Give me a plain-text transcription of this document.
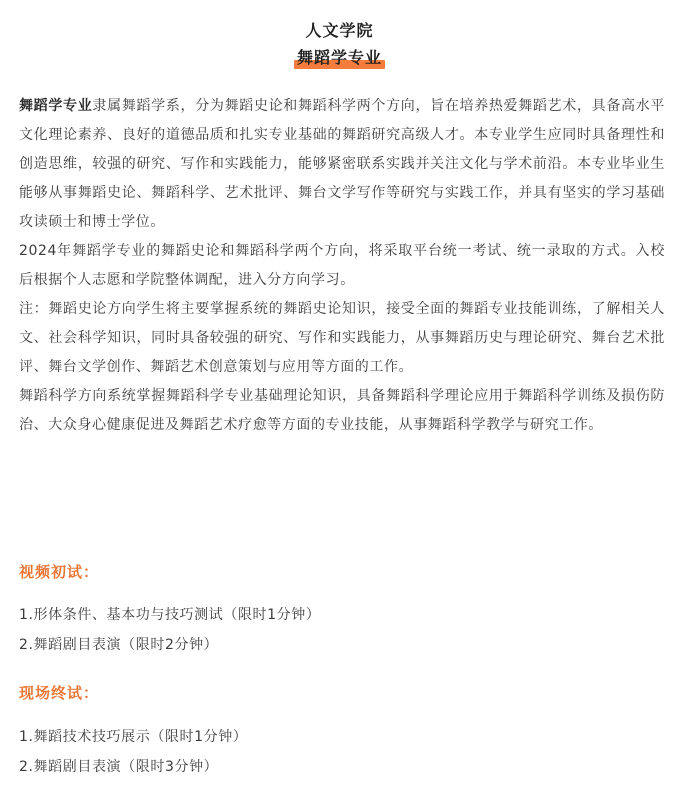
人文学院
舞蹈学专业

舞蹈学专业隶属舞蹈学系，分为舞蹈史论和舞蹈科学两个方向，旨在培养热爱舞蹈艺术，具备高水平文化理论素养、良好的道德品质和扎实专业基础的舞蹈研究高级人才。本专业学生应同时具备理性和创造思维，较强的研究、写作和实践能力，能够紧密联系实践并关注文化与学术前沿。本专业毕业生能够从事舞蹈史论、舞蹈科学、艺术批评、舞台文学写作等研究与实践工作，并具有坚实的学习基础攻读硕士和博士学位。

2024年舞蹈学专业的舞蹈史论和舞蹈科学两个方向，将采取平台统一考试、统一录取的方式。入校后根据个人志愿和学院整体调配，进入分方向学习。

注：舞蹈史论方向学生将主要掌握系统的舞蹈史论知识，接受全面的舞蹈专业技能训练，了解相关人文、社会科学知识，同时具备较强的研究、写作和实践能力，从事舞蹈历史与理论研究、舞台艺术批评、舞台文学创作、舞蹈艺术创意策划与应用等方面的工作。

舞蹈科学方向系统掌握舞蹈科学专业基础理论知识，具备舞蹈科学理论应用于舞蹈科学训练及损伤防治、大众身心健康促进及舞蹈艺术疗愈等方面的专业技能，从事舞蹈科学教学与研究工作。

视频初试：
1.形体条件、基本功与技巧测试（限时1分钟）
2.舞蹈剧目表演（限时2分钟）
现场终试：
1.舞蹈技术技巧展示（限时1分钟）
2.舞蹈剧目表演（限时3分钟）
